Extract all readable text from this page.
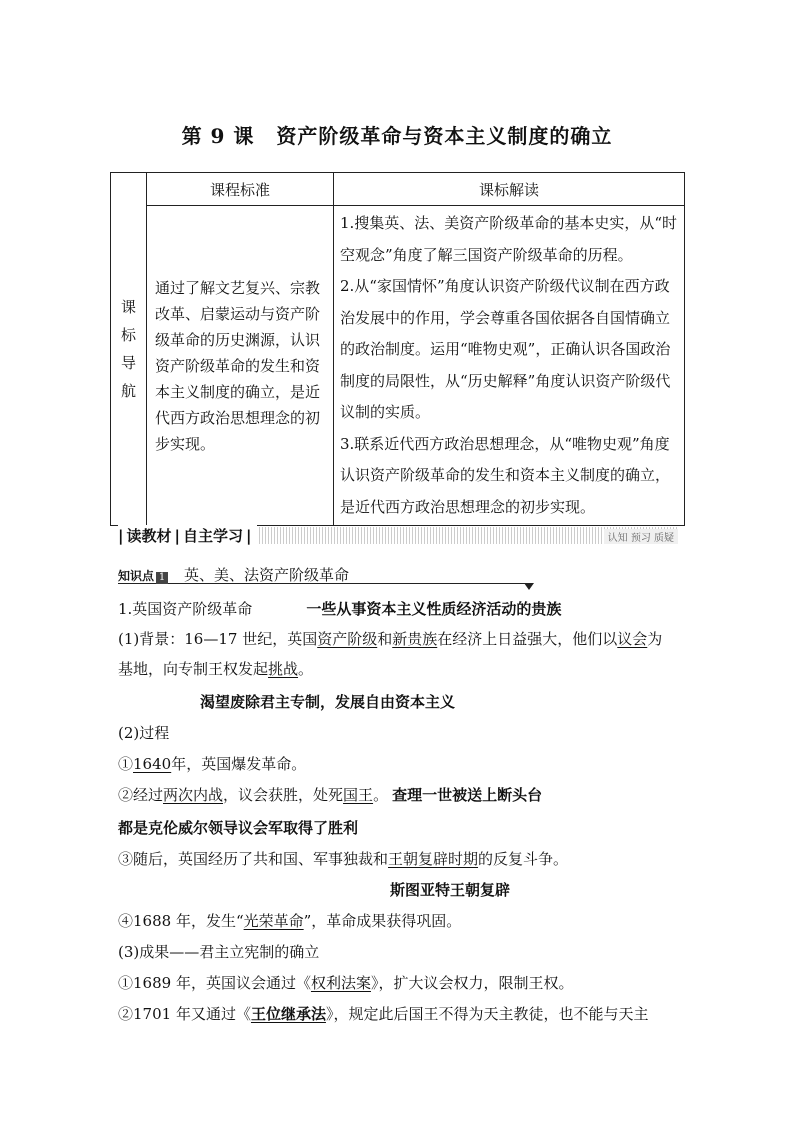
第 9 课 资产阶级革命与资本主义制度的确立
课
标
导
航	课程标准	课标解读
	通过了解文艺复兴、宗教改革、启蒙运动与资产阶级革命的历史渊源，认识资产阶级革命的发生和资本主义制度的确立，是近代西方政治思想理念的初步实现。	1.搜集英、法、美资产阶级革命的基本史实，从“时空观念”角度了解三国资产阶级革命的历程。
2.从“家国情怀”角度认识资产阶级代议制在西方政治发展中的作用，学会尊重各国依据各自国情确立的政治制度。运用“唯物史观”，正确认识各国政治制度的局限性，从“历史解释”角度认识资产阶级代议制的实质。
3.联系近代西方政治思想理念，从“唯物史观”角度认识资产阶级革命的发生和资本主义制度的确立，是近代西方政治思想理念的初步实现。
| 读教材 | 自主学习 |	认知 预习 质疑
知识点 1 英、美、法资产阶级革命
1.英国资产阶级革命	一些从事资本主义性质经济活动的贵族
(1)背景：16—17 世纪，英国资产阶级和新贵族在经济上日益强大，他们以议会为
基地，向专制王权发起挑战。
渴望废除君主专制，发展自由资本主义
(2)过程
①1640年，英国爆发革命。
②经过两次内战，议会获胜，处死国王。 查理一世被送上断头台
都是克伦威尔领导议会军取得了胜利
③随后，英国经历了共和国、军事独裁和王朝复辟时期的反复斗争。
斯图亚特王朝复辟
④1688 年，发生“光荣革命”，革命成果获得巩固。
(3)成果——君主立宪制的确立
①1689 年，英国议会通过《权利法案》，扩大议会权力，限制王权。
②1701 年又通过《王位继承法》，规定此后国王不得为天主教徒，也不能与天主
